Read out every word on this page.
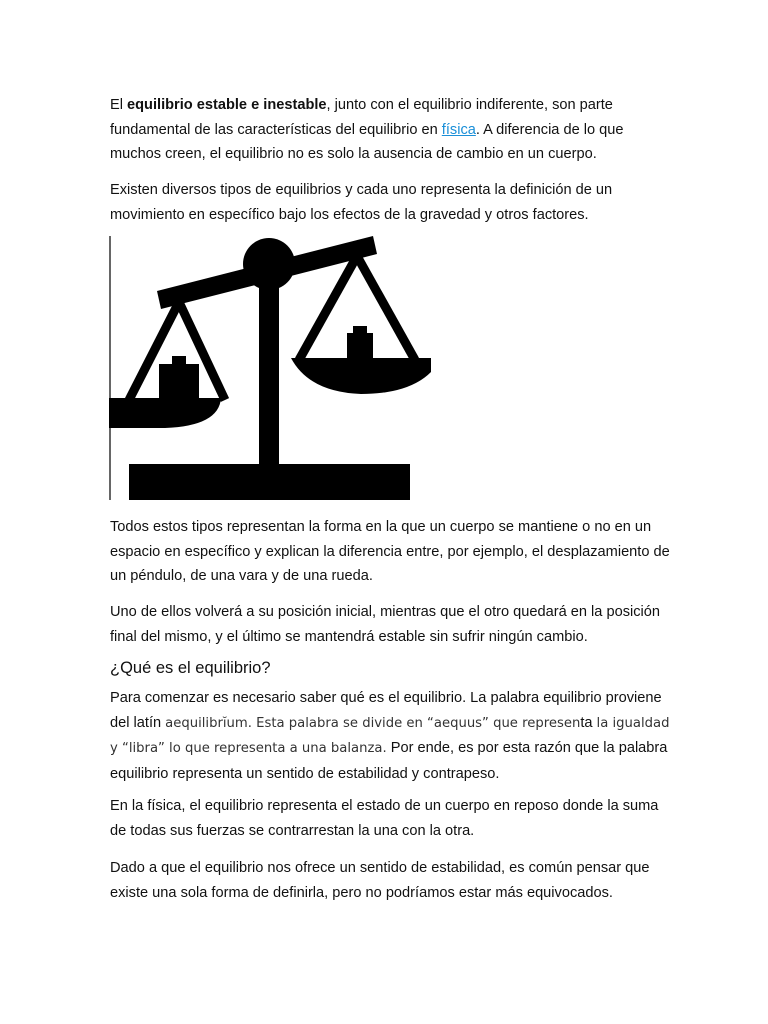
El equilibrio estable e inestable, junto con el equilibrio indiferente, son parte fundamental de las características del equilibrio en física. A diferencia de lo que muchos creen, el equilibrio no es solo la ausencia de cambio en un cuerpo.

Existen diversos tipos de equilibrios y cada uno representa la definición de un movimiento en específico bajo los efectos de la gravedad y otros factores.

Todos estos tipos representan la forma en la que un cuerpo se mantiene o no en un espacio en específico y explican la diferencia entre, por ejemplo, el desplazamiento de un péndulo, de una vara y de una rueda.

Uno de ellos volverá a su posición inicial, mientras que el otro quedará en la posición final del mismo, y el último se mantendrá estable sin sufrir ningún cambio.

¿Qué es el equilibrio?

Para comenzar es necesario saber qué es el equilibrio. La palabra equilibrio proviene del latín aequilibrĭum. Esta palabra se divide en “aequus” que representa la igualdad y “libra” lo que representa a una balanza. Por ende, es por esta razón que la palabra equilibrio representa un sentido de estabilidad y contrapeso.

En la física, el equilibrio representa el estado de un cuerpo en reposo donde la suma de todas sus fuerzas se contrarrestan la una con la otra.

Dado a que el equilibrio nos ofrece un sentido de estabilidad, es común pensar que existe una sola forma de definirla, pero no podríamos estar más equivocados.
